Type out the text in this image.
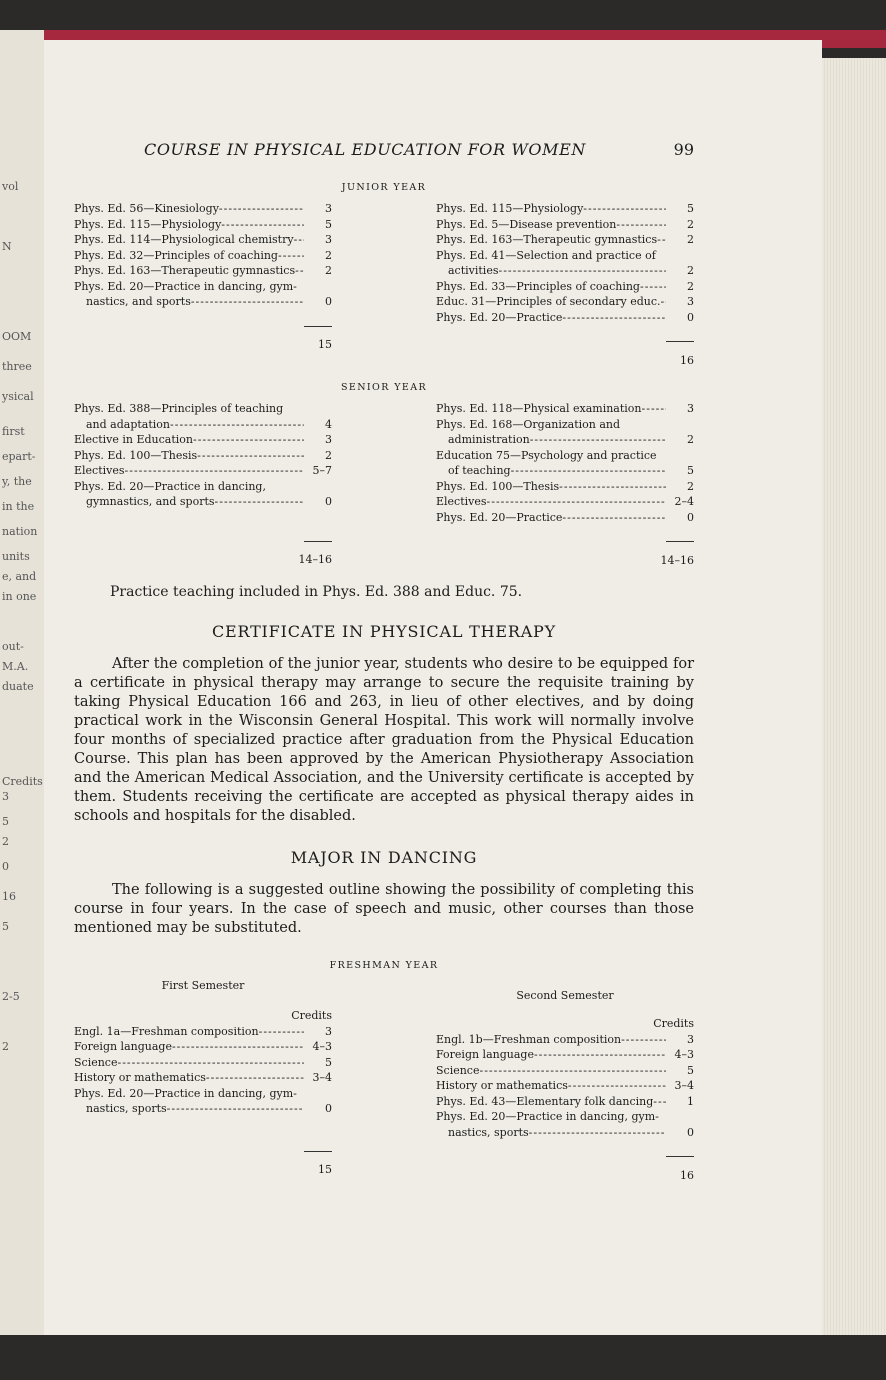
vol
N
OOM
three
ysical
first
epart-
y, the
in the
nation
units
e, and
in one
out-
M.A.
duate
Credits
3
5
2
0
16
5
2-5
2
COURSE IN PHYSICAL EDUCATION FOR WOMEN	99
JUNIOR YEAR
Phys. Ed. 56—Kinesiology -----	3
Phys. Ed. 115—Physiology -----	5
Phys. Ed. 114—Physiological chemistry -----	3
Phys. Ed. 32—Principles of coaching -----	2
Phys. Ed. 163—Therapeutic gymnastics -----	2
Phys. Ed. 20—Practice in dancing, gym-
nastics, and sports -----	0
15
Phys. Ed. 115—Physiology -----	5
Phys. Ed. 5—Disease prevention -----	2
Phys. Ed. 163—Therapeutic gymnastics -----	2
Phys. Ed. 41—Selection and practice of
activities -----	2
Phys. Ed. 33—Principles of coaching -----	2
Educ. 31—Principles of secondary educ. -----	3
Phys. Ed. 20—Practice -----	0
16
SENIOR YEAR
Phys. Ed. 388—Principles of teaching
and adaptation -----	4
Elective in Education -----	3
Phys. Ed. 100—Thesis -----	2
Electives -----	5–7
Phys. Ed. 20—Practice in dancing,
gymnastics, and sports -----	0
14–16
Phys. Ed. 118—Physical examination -----	3
Phys. Ed. 168—Organization and
administration -----	2
Education 75—Psychology and practice
of teaching -----	5
Phys. Ed. 100—Thesis -----	2
Electives -----	2–4
Phys. Ed. 20—Practice -----	0
14–16
Practice teaching included in Phys. Ed. 388 and Educ. 75.
CERTIFICATE IN PHYSICAL THERAPY

After the completion of the junior year, students who desire to be equipped for a certificate in physical therapy may arrange to secure the requisite training by taking Physical Education 166 and 263, in lieu of other electives, and by doing practical work in the Wisconsin General Hospital. This work will normally involve four months of specialized practice after graduation from the Physical Education Course. This plan has been approved by the American Physiotherapy Association and the American Medical Association, and the University certificate is accepted by them. Students receiving the certificate are accepted as physical therapy aides in schools and hospitals for the disabled.

MAJOR IN DANCING

The following is a suggested outline showing the possibility of completing this course in four years. In the case of speech and music, other courses than those mentioned may be substituted.

FRESHMAN YEAR
First Semester
Second Semester
Credits
Engl. 1a—Freshman composition -----	3
Foreign language -----	4–3
Science -----	5
History or mathematics -----	3–4
Phys. Ed. 20—Practice in dancing, gym-
nastics, sports -----	0
15
Credits
Engl. 1b—Freshman composition -----	3
Foreign language -----	4–3
Science -----	5
History or mathematics -----	3–4
Phys. Ed. 43—Elementary folk dancing -----	1
Phys. Ed. 20—Practice in dancing, gym-
nastics, sports -----	0
16
